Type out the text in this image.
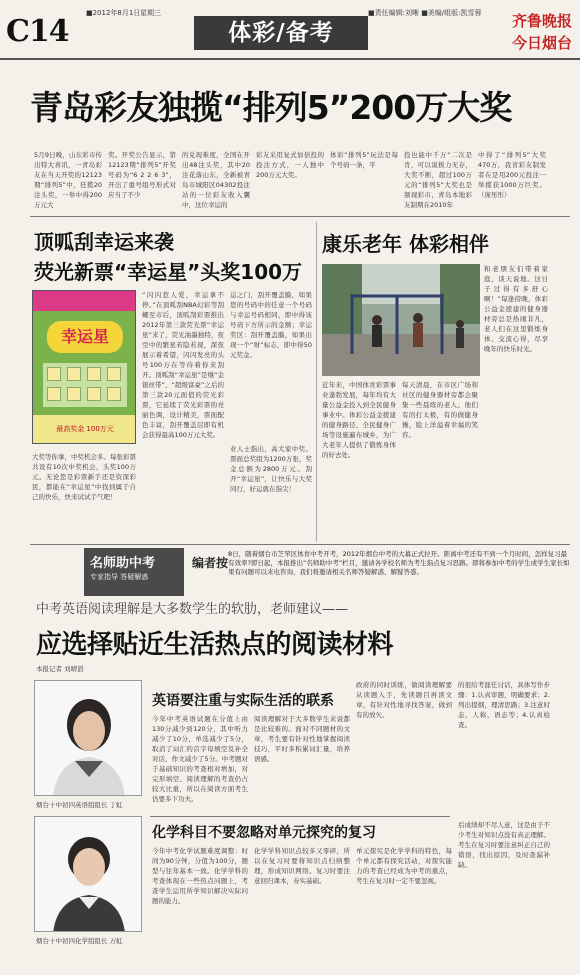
C14
■2012年8月1日 星期三
体彩/备考
■责任编辑:刘晰 ■美编/组版:凯雪蓉 齐鲁晚报
今日烟台
青岛彩友独揽“排列5”200万大奖
5月9日晚，山东彩市传出特大喜讯，一青岛彩友在当天开奖的12123期“排列5”中，狂揽20注头奖，一举中得200万元大
奖。开奖公告显示，第12123期“排列5”开奖号码为“6 2 2 6 3”，开出了重号组号形式对应当了不少
的兑现难度，全国在开出48注头奖，其中20注花落山东，全新被青岛市城阳区04302投注站的一位彩友收入囊中，这位幸运的
彩友采用复式加倍投的投注方式，一人独中200万元大奖。
体彩“排列5”玩法是每个号码一条，平
投也能中千万“二次是肯，可以说极力无存，大奖不断，超过100万元的“排列5”大奖也是频现彩市，青岛本地彩友制期在2010年
中得了“排列5”大奖470万，我省彩友制发者在是用200元投注一举揽获1000万巨奖。（庞彤彤）
顶呱刮幸运来袭
荧光新票“幸运星”头奖100万
幸运星
最高奖金 100万元
“闪闪惹人爱，幸运拿不停。”在顶呱刮NBA幻彩等刮螺至市后，顶呱刮彩票推出2012年第三款荧光票“幸运星”来了，荧光油墨独特，夜空中的繁星若隐若现，深夜展示着希望，闪闪发亮的头号100万在等待着你来刮开。顶呱刮“幸运星”是继“金银丝带”、“超级富豪”之后的第三款20元面值的荧光彩票，它延续了荧光彩票的亮丽色调，设计精美，票面配色丰富，刮开覆盖层即有机会获得最高100万元大奖。
运之门，刮开覆盖膜，如果您的号码中的任意一个号码与幸运号码相同，即中得该号码下方所示的金额；幸运奖区：刮开覆盖膜，如果出现一个“财”标志，即中得50元奖金。
大奖等你拿，中奖机会多。每张彩票共设有10次中奖机会，头奖100万元。无论您是彩票新手还是资深彩民，都能在“幸运星”中找到属于自己的快乐，快来试试手气吧！
业人士指出，高大家中奖。票面总奖组为1200万张，奖金总额为2800万元。刮开“幸运星”，让快乐与大奖同行，好运就在指尖！
康乐老年 体彩相伴
和老朋友们带着家庭，谈天说地。这日子过得有多舒心啊！”每逢傍晚，体彩公益金援建的健身器材旁总是热闹非凡，老人们在这里锻炼身体、交流心得，尽享晚年的快乐时光。
近年来，中国体育彩票事业蓬勃发展，每年均有大量公益金投入到全民健身事业中。体彩公益金援建的健身路径、全民健身广场等设施遍布城乡，为广大老年人提供了锻炼身体的好去处。
每天清晨，在市区广场和社区的健身器材旁都会聚集一些晨练的老人。他们有的打太极，有的做健身操，脸上洋溢着幸福的笑容。
名师助中考
专家指导 答疑解惑
编者按
8日，随着烟台市芝罘区体育中考开考，2012年烟台中考的大幕正式拉开。距离中考还有不到一个月时间，怎样复习最有效率?即日起，本报推出“名师助中考”栏目，邀请各学校名师为考生指点复习思路。即将参加中考的学生或学生家长如果有问题可以来电咨询，我们将邀请相关名师答疑解惑、解疑答惑。
中考英语阅读理解是大多数学生的软肋，老师建议——
应选择贴近生活热点的阅读材料
本报记者 刘晴滔
烟台十中初四英语组组长 丁虹
英语要注重与实际生活的联系
今年中考英语试题在分值上由130分减少到120分，其中听力减少了10分，单选减少了5分，取消了词汇的首字母填空及补全对话，作文减少了5分。中考题对于基础知识的考查相对增加，对完形填空、阅读理解的考查仍占较大比重，所以在阅读方面考生仍要多下功夫。
阅读理解对于大多数学生来说都是比较难的。面对不同题材的文章，考生要有针对性地掌握阅读技巧，平时多积累词汇量，培养语感。
政府的同时训练，做阅读理解要从读题入手，先读题目再读文章，有针对性地寻找答案，做到有的放矢。
的很给考涯任讨话，具体写作步骤：1.认真审题，明确要求；2.列出提纲，理清思路；3.注意时态、人称、语态等；4.认真检查。
烟台十中初四化学组组长 万虹
化学科目不要忽略对单元探究的复习
今年中考化学试题难度调整：时间为90分钟，分值为100分，题型与往年基本一致。化学学科的考查体现在一些热点问题上，考查学生运用所学知识解决实际问题的能力。
化学学科知识点较多又零碎，所以在复习时要将知识点归纳整理，形成知识网络。复习时要注意回归课本，夯实基础。
单元探究是化学学科的特色，每个单元都有探究活动，对探究能力的考查已经成为中考的重点，考生在复习时一定不要忽视。
后成绩却不尽人意，这是由于不少考生对知识点没有真正理解。考生在复习时要注意纠正自己的错误，找出原因，及时查漏补缺。
